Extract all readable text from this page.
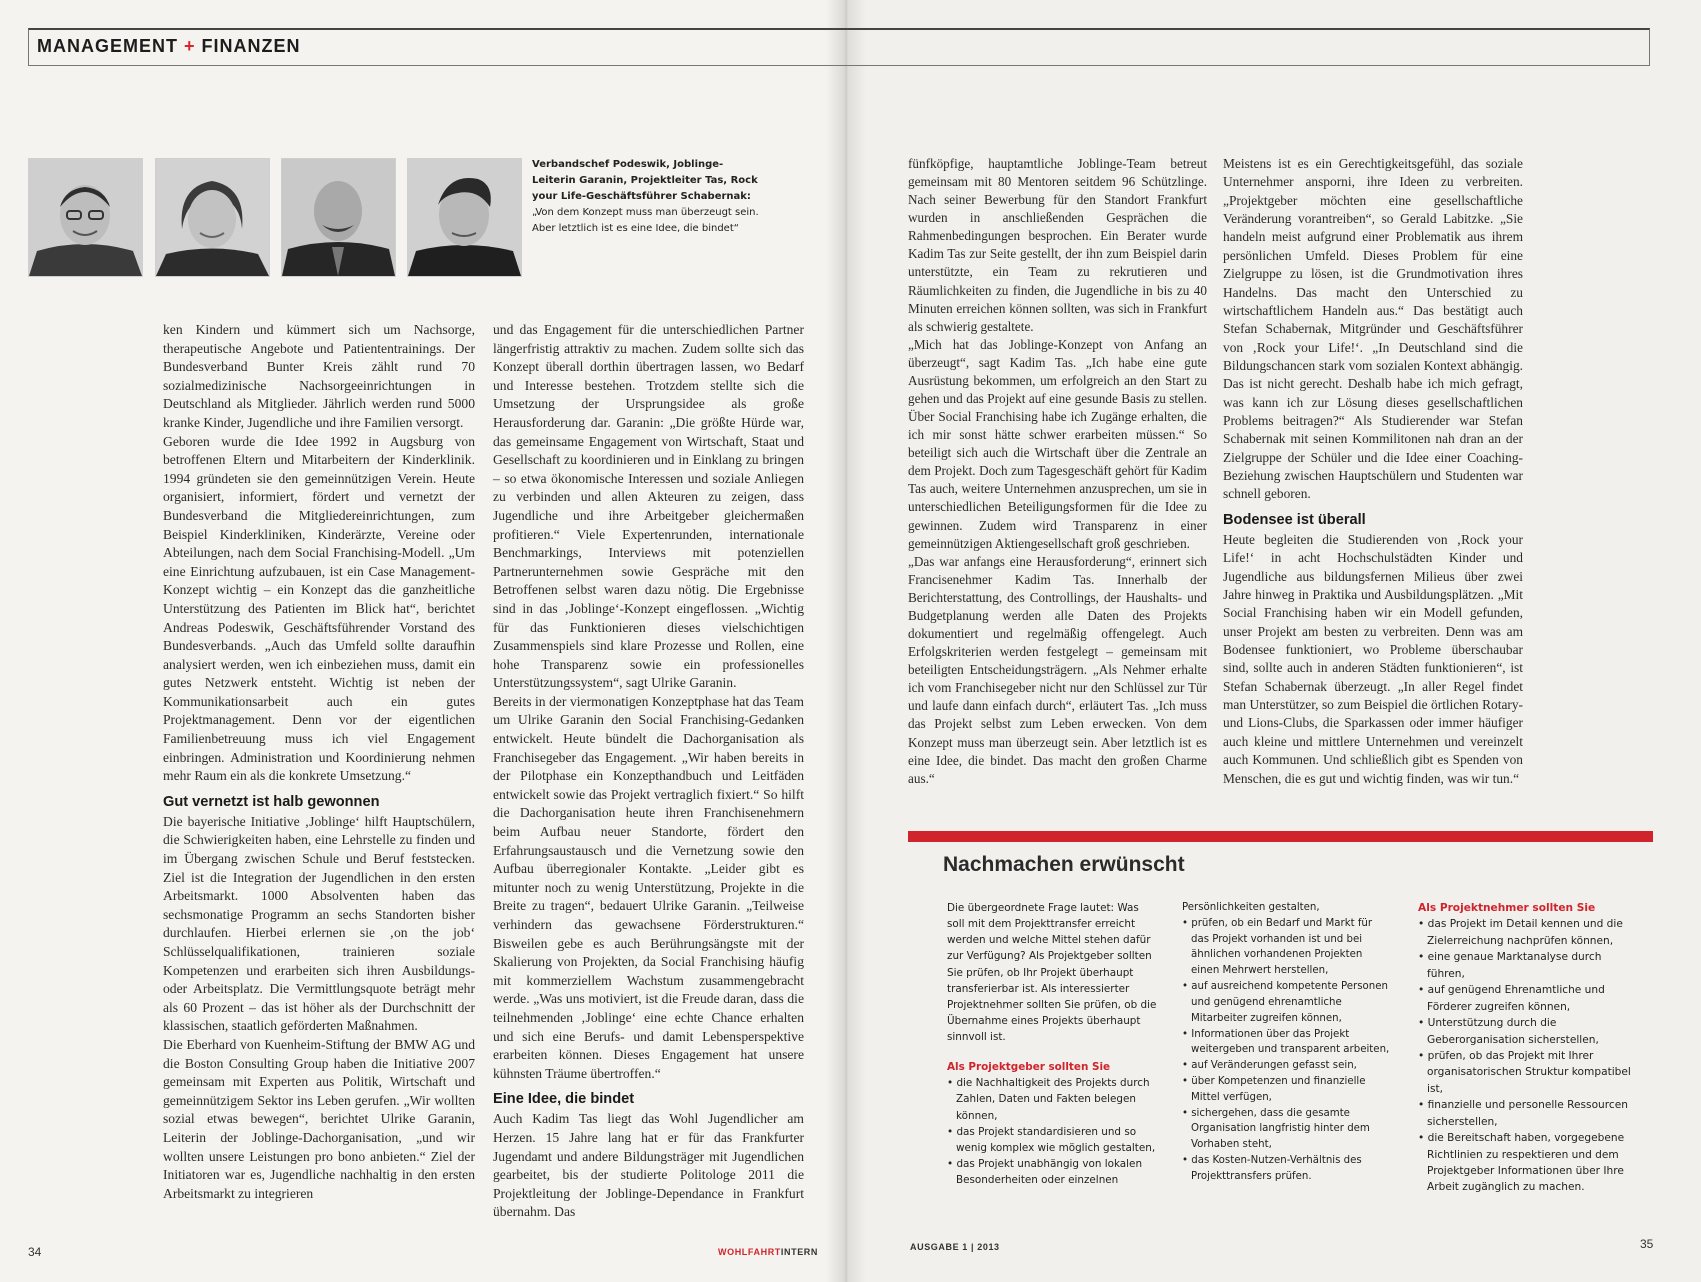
MANAGEMENT + FINANZEN	⠀
Verbandschef Podeswik, Joblinge-Leiterin Garanin, Projektleiter Tas, Rock your Life-Geschäftsführer Schabernak: „Von dem Konzept muss man überzeugt sein. Aber letztlich ist es eine Idee, die bindet“

ken Kindern und kümmert sich um Nachsorge, therapeutische Angebote und Patiententrainings. Der Bundesverband Bunter Kreis zählt rund 70 sozialmedizinische Nachsorgeeinrichtungen in Deutschland als Mitglieder. Jährlich werden rund 5000 kranke Kinder, Jugendliche und ihre Familien versorgt.

Geboren wurde die Idee 1992 in Augsburg von betroffenen Eltern und Mitarbeitern der Kinderklinik. 1994 gründeten sie den gemeinnützigen Verein. Heute organisiert, informiert, fördert und vernetzt der Bundesverband die Mitgliedereinrichtungen, zum Beispiel Kinderkliniken, Kinderärzte, Vereine oder Abteilungen, nach dem Social Franchising-Modell. „Um eine Einrichtung aufzubauen, ist ein Case Management-Konzept wichtig – ein Konzept das die ganzheitliche Unterstützung des Patienten im Blick hat“, berichtet Andreas Podeswik, Geschäftsführender Vorstand des Bundesverbands. „Auch das Umfeld sollte daraufhin analysiert werden, wen ich einbeziehen muss, damit ein gutes Netzwerk entsteht. Wichtig ist neben der Kommunikationsarbeit auch ein gutes Projektmanagement. Denn vor der eigentlichen Familienbetreuung muss ich viel Engagement einbringen. Administration und Koordinierung nehmen mehr Raum ein als die konkrete Umsetzung.“

Gut vernetzt ist halb gewonnen

Die bayerische Initiative ‚Joblinge‘ hilft Hauptschülern, die Schwierigkeiten haben, eine Lehrstelle zu finden und im Übergang zwischen Schule und Beruf feststecken. Ziel ist die Integration der Jugendlichen in den ersten Arbeitsmarkt. 1000 Absolventen haben das sechsmonatige Programm an sechs Standorten bisher durchlaufen. Hierbei erlernen sie ‚on the job‘ Schlüsselqualifikationen, trainieren soziale Kompetenzen und erarbeiten sich ihren Ausbildungs- oder Arbeitsplatz. Die Vermittlungsquote beträgt mehr als 60 Prozent – das ist höher als der Durchschnitt der klassischen, staatlich geförderten Maßnahmen.

Die Eberhard von Kuenheim-Stiftung der BMW AG und die Boston Consulting Group haben die Initiative 2007 gemeinsam mit Experten aus Politik, Wirtschaft und gemeinnützigem Sektor ins Leben gerufen. „Wir wollten sozial etwas bewegen“, berichtet Ulrike Garanin, Leiterin der Joblinge-Dachorganisation, „und wir wollten unsere Leistungen pro bono anbieten.“ Ziel der Initiatoren war es, Jugendliche nachhaltig in den ersten Arbeitsmarkt zu integrieren

und das Engagement für die unterschiedlichen Partner längerfristig attraktiv zu machen. Zudem sollte sich das Konzept überall dorthin übertragen lassen, wo Bedarf und Interesse bestehen. Trotzdem stellte sich die Umsetzung der Ursprungsidee als große Herausforderung dar. Garanin: „Die größte Hürde war, das gemeinsame Engagement von Wirtschaft, Staat und Gesellschaft zu koordinieren und in Einklang zu bringen – so etwa ökonomische Interessen und soziale Anliegen zu verbinden und allen Akteuren zu zeigen, dass Jugendliche und ihre Arbeitgeber gleichermaßen profitieren.“ Viele Expertenrunden, internationale Benchmarkings, Interviews mit potenziellen Partnerunternehmen sowie Gespräche mit den Betroffenen selbst waren dazu nötig. Die Ergebnisse sind in das ‚Joblinge‘-Konzept eingeflossen. „Wichtig für das Funktionieren dieses vielschichtigen Zusammenspiels sind klare Prozesse und Rollen, eine hohe Transparenz sowie ein professionelles Unterstützungssystem“, sagt Ulrike Garanin.

Bereits in der viermonatigen Konzeptphase hat das Team um Ulrike Garanin den Social Franchising-Gedanken entwickelt. Heute bündelt die Dachorganisation als Franchisegeber das Engagement. „Wir haben bereits in der Pilotphase ein Konzepthandbuch und Leitfäden entwickelt sowie das Projekt vertraglich fixiert.“ So hilft die Dachorganisation heute ihren Franchisenehmern beim Aufbau neuer Standorte, fördert den Erfahrungsaustausch und die Vernetzung sowie den Aufbau überregionaler Kontakte. „Leider gibt es mitunter noch zu wenig Unterstützung, Projekte in die Breite zu tragen“, bedauert Ulrike Garanin. „Teilweise verhindern das gewachsene Förderstrukturen.“ Bisweilen gebe es auch Berührungsängste mit der Skalierung von Projekten, da Social Franchising häufig mit kommerziellem Wachstum zusammengebracht werde. „Was uns motiviert, ist die Freude daran, dass die teilnehmenden ‚Joblinge‘ eine echte Chance erhalten und sich eine Berufs- und damit Lebensperspektive erarbeiten können. Dieses Engagement hat unsere kühnsten Träume übertroffen.“

Eine Idee, die bindet

Auch Kadim Tas liegt das Wohl Jugendlicher am Herzen. 15 Jahre lang hat er für das Frankfurter Jugendamt und andere Bildungsträger mit Jugendlichen gearbeitet, bis der studierte Politologe 2011 die Projektleitung der Joblinge-Dependance in Frankfurt übernahm. Das

fünfköpfige, hauptamtliche Joblinge-Team betreut gemeinsam mit 80 Mentoren seitdem 96 Schützlinge. Nach seiner Bewerbung für den Standort Frankfurt wurden in anschließenden Gesprächen die Rahmenbedingungen besprochen. Ein Berater wurde Kadim Tas zur Seite gestellt, der ihn zum Beispiel darin unterstützte, ein Team zu rekrutieren und Räumlichkeiten zu finden, die Jugendliche in bis zu 40 Minuten erreichen können sollten, was sich in Frankfurt als schwierig gestaltete.

„Mich hat das Joblinge-Konzept von Anfang an überzeugt“, sagt Kadim Tas. „Ich habe eine gute Ausrüstung bekommen, um erfolgreich an den Start zu gehen und das Projekt auf eine gesunde Basis zu stellen. Über Social Franchising habe ich Zugänge erhalten, die ich mir sonst hätte schwer erarbeiten müssen.“ So beteiligt sich auch die Wirtschaft über die Zentrale an dem Projekt. Doch zum Tagesgeschäft gehört für Kadim Tas auch, weitere Unternehmen anzusprechen, um sie in unterschiedlichen Beteiligungsformen für die Idee zu gewinnen. Zudem wird Transparenz in einer gemeinnützigen Aktiengesellschaft groß geschrieben.

„Das war anfangs eine Herausforderung“, erinnert sich Francisenehmer Kadim Tas. Innerhalb der Berichterstattung, des Controllings, der Haushalts- und Budgetplanung werden alle Daten des Projekts dokumentiert und regelmäßig offengelegt. Auch Erfolgskriterien werden festgelegt – gemeinsam mit beteiligten Entscheidungsträgern. „Als Nehmer erhalte ich vom Franchisegeber nicht nur den Schlüssel zur Tür und laufe dann einfach durch“, erläutert Tas. „Ich muss das Projekt selbst zum Leben erwecken. Von dem Konzept muss man überzeugt sein. Aber letztlich ist es eine Idee, die bindet. Das macht den großen Charme aus.“

Meistens ist es ein Gerechtigkeitsgefühl, das soziale Unternehmer ansporni, ihre Ideen zu verbreiten. „Projektgeber möchten eine gesellschaftliche Veränderung vorantreiben“, so Gerald Labitzke. „Sie handeln meist aufgrund einer Problematik aus ihrem persönlichen Umfeld. Dieses Problem für eine Zielgruppe zu lösen, ist die Grundmotivation ihres Handelns. Das macht den Unterschied zu wirtschaftlichem Handeln aus.“ Das bestätigt auch Stefan Schabernak, Mitgründer und Geschäftsführer von ‚Rock your Life!‘. „In Deutschland sind die Bildungschancen stark vom sozialen Kontext abhängig. Das ist nicht gerecht. Deshalb habe ich mich gefragt, was kann ich zur Lösung dieses gesellschaftlichen Problems beitragen?“ Als Studierender war Stefan Schabernak mit seinen Kommilitonen nah dran an der Zielgruppe der Schüler und die Idee einer Coaching-Beziehung zwischen Hauptschülern und Studenten war schnell geboren.

Bodensee ist überall

Heute begleiten die Studierenden von ‚Rock your Life!‘ in acht Hochschulstädten Kinder und Jugendliche aus bildungsfernen Milieus über zwei Jahre hinweg in Praktika und Ausbildungsplätzen. „Mit Social Franchising haben wir ein Modell gefunden, unser Projekt am besten zu verbreiten. Denn was am Bodensee funktioniert, wo Probleme überschaubar sind, sollte auch in anderen Städten funktionieren“, ist Stefan Schabernak überzeugt. „In aller Regel findet man Unterstützer, so zum Beispiel die örtlichen Rotary- und Lions-Clubs, die Sparkassen oder immer häufiger auch kleine und mittlere Unternehmen und vereinzelt auch Kommunen. Und schließlich gibt es Spenden von Menschen, die es gut und wichtig finden, was wir tun.“

Nachmachen erwünscht

Die übergeordnete Frage lautet: Was soll mit dem Projekttransfer erreicht werden und welche Mittel stehen dafür zur Verfügung? Als Projektgeber sollten Sie prüfen, ob Ihr Projekt überhaupt transferierbar ist. Als interessierter Projektnehmer sollten Sie prüfen, ob die Übernahme eines Projekts überhaupt sinnvoll ist.

Als Projektgeber sollten Sie

• die Nachhaltigkeit des Projekts durch Zahlen, Daten und Fakten belegen können,
• das Projekt standardisieren und so wenig komplex wie möglich gestalten,
• das Projekt unabhängig von lokalen Besonderheiten oder einzelnen

Persönlichkeiten gestalten,

• prüfen, ob ein Bedarf und Markt für das Projekt vorhanden ist und bei ähnlichen vorhandenen Projekten einen Mehrwert herstellen,
• auf ausreichend kompetente Personen und genügend ehrenamtliche Mitarbeiter zugreifen können,
• Informationen über das Projekt weitergeben und transparent arbeiten,
• auf Veränderungen gefasst sein,
• über Kompetenzen und finanzielle Mittel verfügen,
• sichergehen, dass die gesamte Organisation langfristig hinter dem Vorhaben steht,
• das Kosten-Nutzen-Verhältnis des Projekttransfers prüfen.

Als Projektnehmer sollten Sie

• das Projekt im Detail kennen und die Zielerreichung nachprüfen können,
• eine genaue Marktanalyse durch führen,
• auf genügend Ehrenamtliche und Förderer zugreifen können,
• Unterstützung durch die Geberorganisation sicherstellen,
• prüfen, ob das Projekt mit Ihrer organisatorischen Struktur kompatibel ist,
• finanzielle und personelle Ressourcen sicherstellen,
• die Bereitschaft haben, vorgegebene Richtlinien zu respektieren und dem Projektgeber Informationen über Ihre Arbeit zugänglich zu machen.
34	WOHLFAHRTINTERN	AUSGABE 1 | 2013	35
